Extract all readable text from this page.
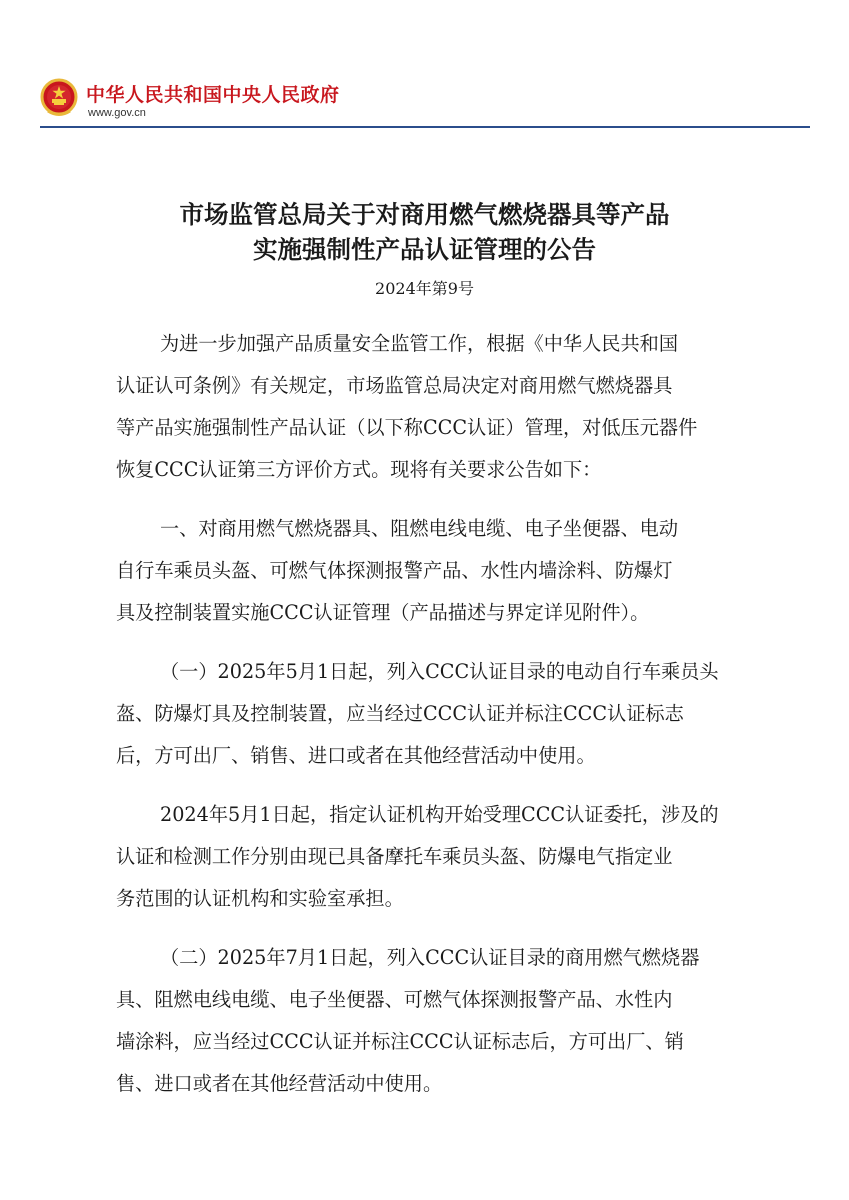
中华人民共和国中央人民政府
www.gov.cn
市场监管总局关于对商用燃气燃烧器具等产品
实施强制性产品认证管理的公告
2024年第9号
为进一步加强产品质量安全监管工作，根据《中华人民共和国
认证认可条例》有关规定，市场监管总局决定对商用燃气燃烧器具
等产品实施强制性产品认证（以下称CCC认证）管理，对低压元器件
恢复CCC认证第三方评价方式。现将有关要求公告如下：
一、对商用燃气燃烧器具、阻燃电线电缆、电子坐便器、电动
自行车乘员头盔、可燃气体探测报警产品、水性内墙涂料、防爆灯
具及控制装置实施CCC认证管理（产品描述与界定详见附件）。
（一）2025年5月1日起，列入CCC认证目录的电动自行车乘员头
盔、防爆灯具及控制装置，应当经过CCC认证并标注CCC认证标志
后，方可出厂、销售、进口或者在其他经营活动中使用。
2024年5月1日起，指定认证机构开始受理CCC认证委托，涉及的
认证和检测工作分别由现已具备摩托车乘员头盔、防爆电气指定业
务范围的认证机构和实验室承担。
（二）2025年7月1日起，列入CCC认证目录的商用燃气燃烧器
具、阻燃电线电缆、电子坐便器、可燃气体探测报警产品、水性内
墙涂料，应当经过CCC认证并标注CCC认证标志后，方可出厂、销
售、进口或者在其他经营活动中使用。
